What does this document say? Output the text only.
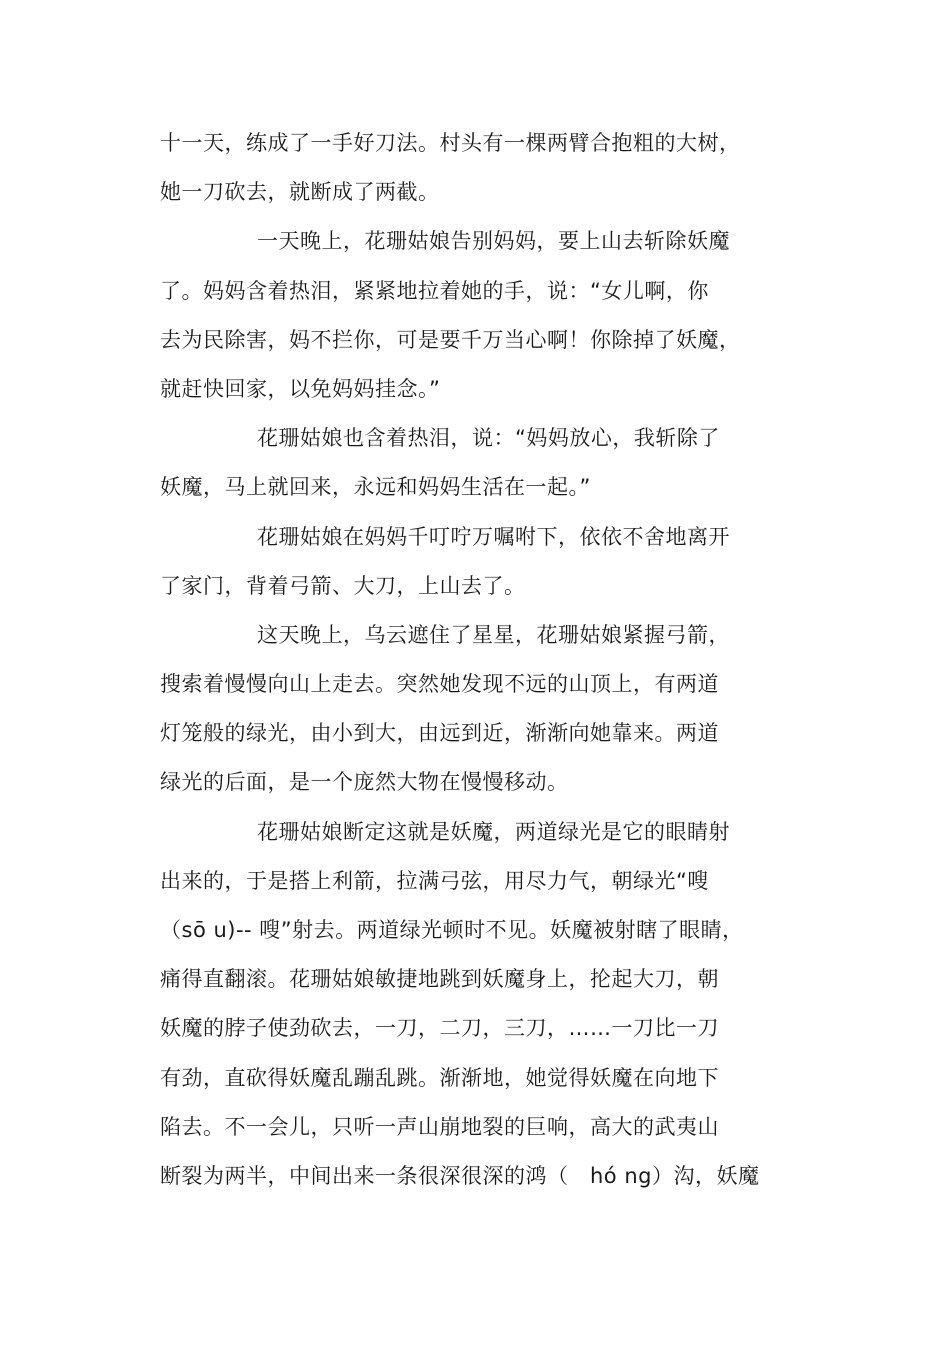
十一天，练成了一手好刀法。村头有一棵两臂合抱粗的大树，
她一刀砍去，就断成了两截。
一天晚上，花珊姑娘告别妈妈，要上山去斩除妖魔
了。妈妈含着热泪，紧紧地拉着她的手，说：“女儿啊，你
去为民除害，妈不拦你，可是要千万当心啊！你除掉了妖魔，
就赶快回家，以免妈妈挂念。”
花珊姑娘也含着热泪，说：“妈妈放心，我斩除了
妖魔，马上就回来，永远和妈妈生活在一起。”
花珊姑娘在妈妈千叮咛万嘱咐下，依依不舍地离开
了家门，背着弓箭、大刀，上山去了。
这天晚上，乌云遮住了星星，花珊姑娘紧握弓箭，
搜索着慢慢向山上走去。突然她发现不远的山顶上，有两道
灯笼般的绿光，由小到大，由远到近，渐渐向她靠来。两道
绿光的后面，是一个庞然大物在慢慢移动。
花珊姑娘断定这就是妖魔，两道绿光是它的眼睛射
出来的，于是搭上利箭，拉满弓弦，用尽力气，朝绿光“嗖
（sō u)-- 嗖”射去。两道绿光顿时不见。妖魔被射瞎了眼睛，
痛得直翻滚。花珊姑娘敏捷地跳到妖魔身上，抡起大刀，朝
妖魔的脖子使劲砍去，一刀，二刀，三刀，……一刀比一刀
有劲，直砍得妖魔乱蹦乱跳。渐渐地，她觉得妖魔在向地下
陷去。不一会儿，只听一声山崩地裂的巨响，高大的武夷山
断裂为两半，中间出来一条很深很深的鸿（　hó ng）沟，妖魔
